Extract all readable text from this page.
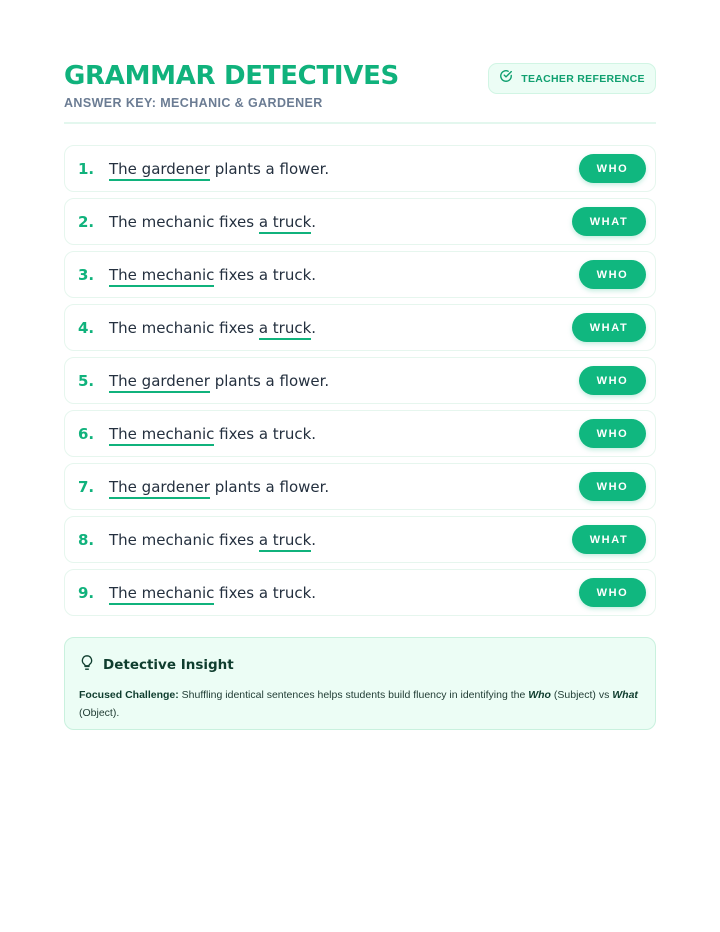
GRAMMAR DETECTIVES
ANSWER KEY: MECHANIC & GARDENER
TEACHER REFERENCE
1. The gardener plants a flower.	WHO
2. The mechanic fixes a truck.	WHAT
3. The mechanic fixes a truck.	WHO
4. The mechanic fixes a truck.	WHAT
5. The gardener plants a flower.	WHO
6. The mechanic fixes a truck.	WHO
7. The gardener plants a flower.	WHO
8. The mechanic fixes a truck.	WHAT
9. The mechanic fixes a truck.	WHO
Detective Insight
Focused Challenge: Shuffling identical sentences helps students build fluency in identifying the Who (Subject) vs What (Object).
